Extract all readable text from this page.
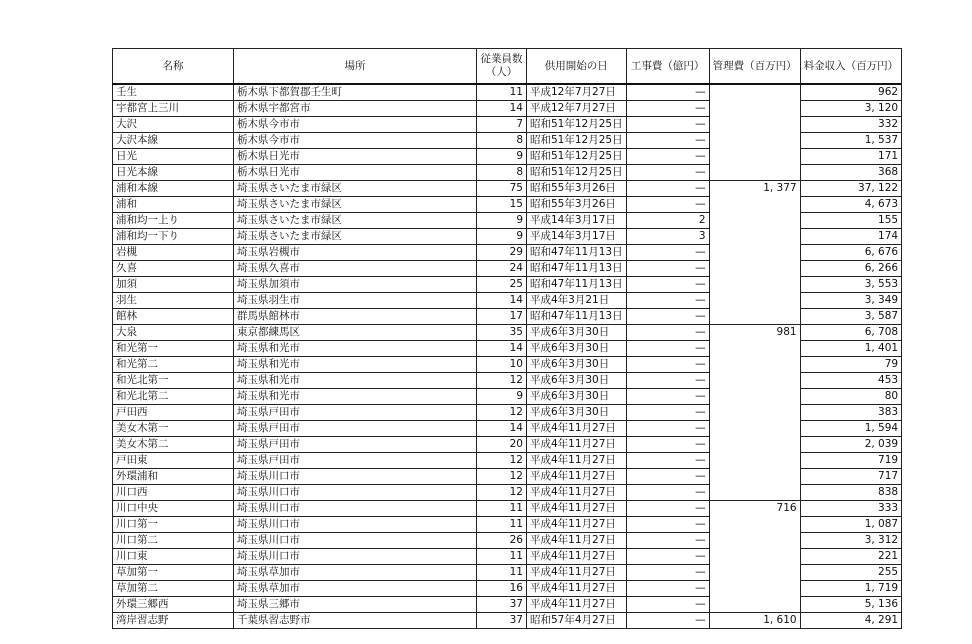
名称	場所	従業員数
（人）	供用開始の日	工事費（億円）	管理費（百万円）	料金収入（百万円）
壬生	栃木県下都賀郡壬生町	11	平成12年7月27日	—		962
宇都宮上三川	栃木県宇都宮市	14	平成12年7月27日	—		3, 120
大沢	栃木県今市市	7	昭和51年12月25日	—		332
大沢本線	栃木県今市市	8	昭和51年12月25日	—		1, 537
日光	栃木県日光市	9	昭和51年12月25日	—		171
日光本線	栃木県日光市	8	昭和51年12月25日	—		368
浦和本線	埼玉県さいたま市緑区	75	昭和55年3月26日	—	1, 377	37, 122
浦和	埼玉県さいたま市緑区	15	昭和55年3月26日	—		4, 673
浦和均一上り	埼玉県さいたま市緑区	9	平成14年3月17日	2		155
浦和均一下り	埼玉県さいたま市緑区	9	平成14年3月17日	3		174
岩槻	埼玉県岩槻市	29	昭和47年11月13日	—		6, 676
久喜	埼玉県久喜市	24	昭和47年11月13日	—		6, 266
加須	埼玉県加須市	25	昭和47年11月13日	—		3, 553
羽生	埼玉県羽生市	14	平成4年3月21日	—		3, 349
館林	群馬県館林市	17	昭和47年11月13日	—		3, 587
大泉	東京都練馬区	35	平成6年3月30日	—	981	6, 708
和光第一	埼玉県和光市	14	平成6年3月30日	—		1, 401
和光第二	埼玉県和光市	10	平成6年3月30日	—		79
和光北第一	埼玉県和光市	12	平成6年3月30日	—		453
和光北第二	埼玉県和光市	9	平成6年3月30日	—		80
戸田西	埼玉県戸田市	12	平成6年3月30日	—		383
美女木第一	埼玉県戸田市	14	平成4年11月27日	—		1, 594
美女木第二	埼玉県戸田市	20	平成4年11月27日	—		2, 039
戸田東	埼玉県戸田市	12	平成4年11月27日	—		719
外環浦和	埼玉県川口市	12	平成4年11月27日	—		717
川口西	埼玉県川口市	12	平成4年11月27日	—		838
川口中央	埼玉県川口市	11	平成4年11月27日	—	716	333
川口第一	埼玉県川口市	11	平成4年11月27日	—		1, 087
川口第二	埼玉県川口市	26	平成4年11月27日	—		3, 312
川口東	埼玉県川口市	11	平成4年11月27日	—		221
草加第一	埼玉県草加市	11	平成4年11月27日	—		255
草加第二	埼玉県草加市	16	平成4年11月27日	—		1, 719
外環三郷西	埼玉県三郷市	37	平成4年11月27日	—		5, 136
湾岸習志野	千葉県習志野市	37	昭和57年4月27日	—	1, 610	4, 291
